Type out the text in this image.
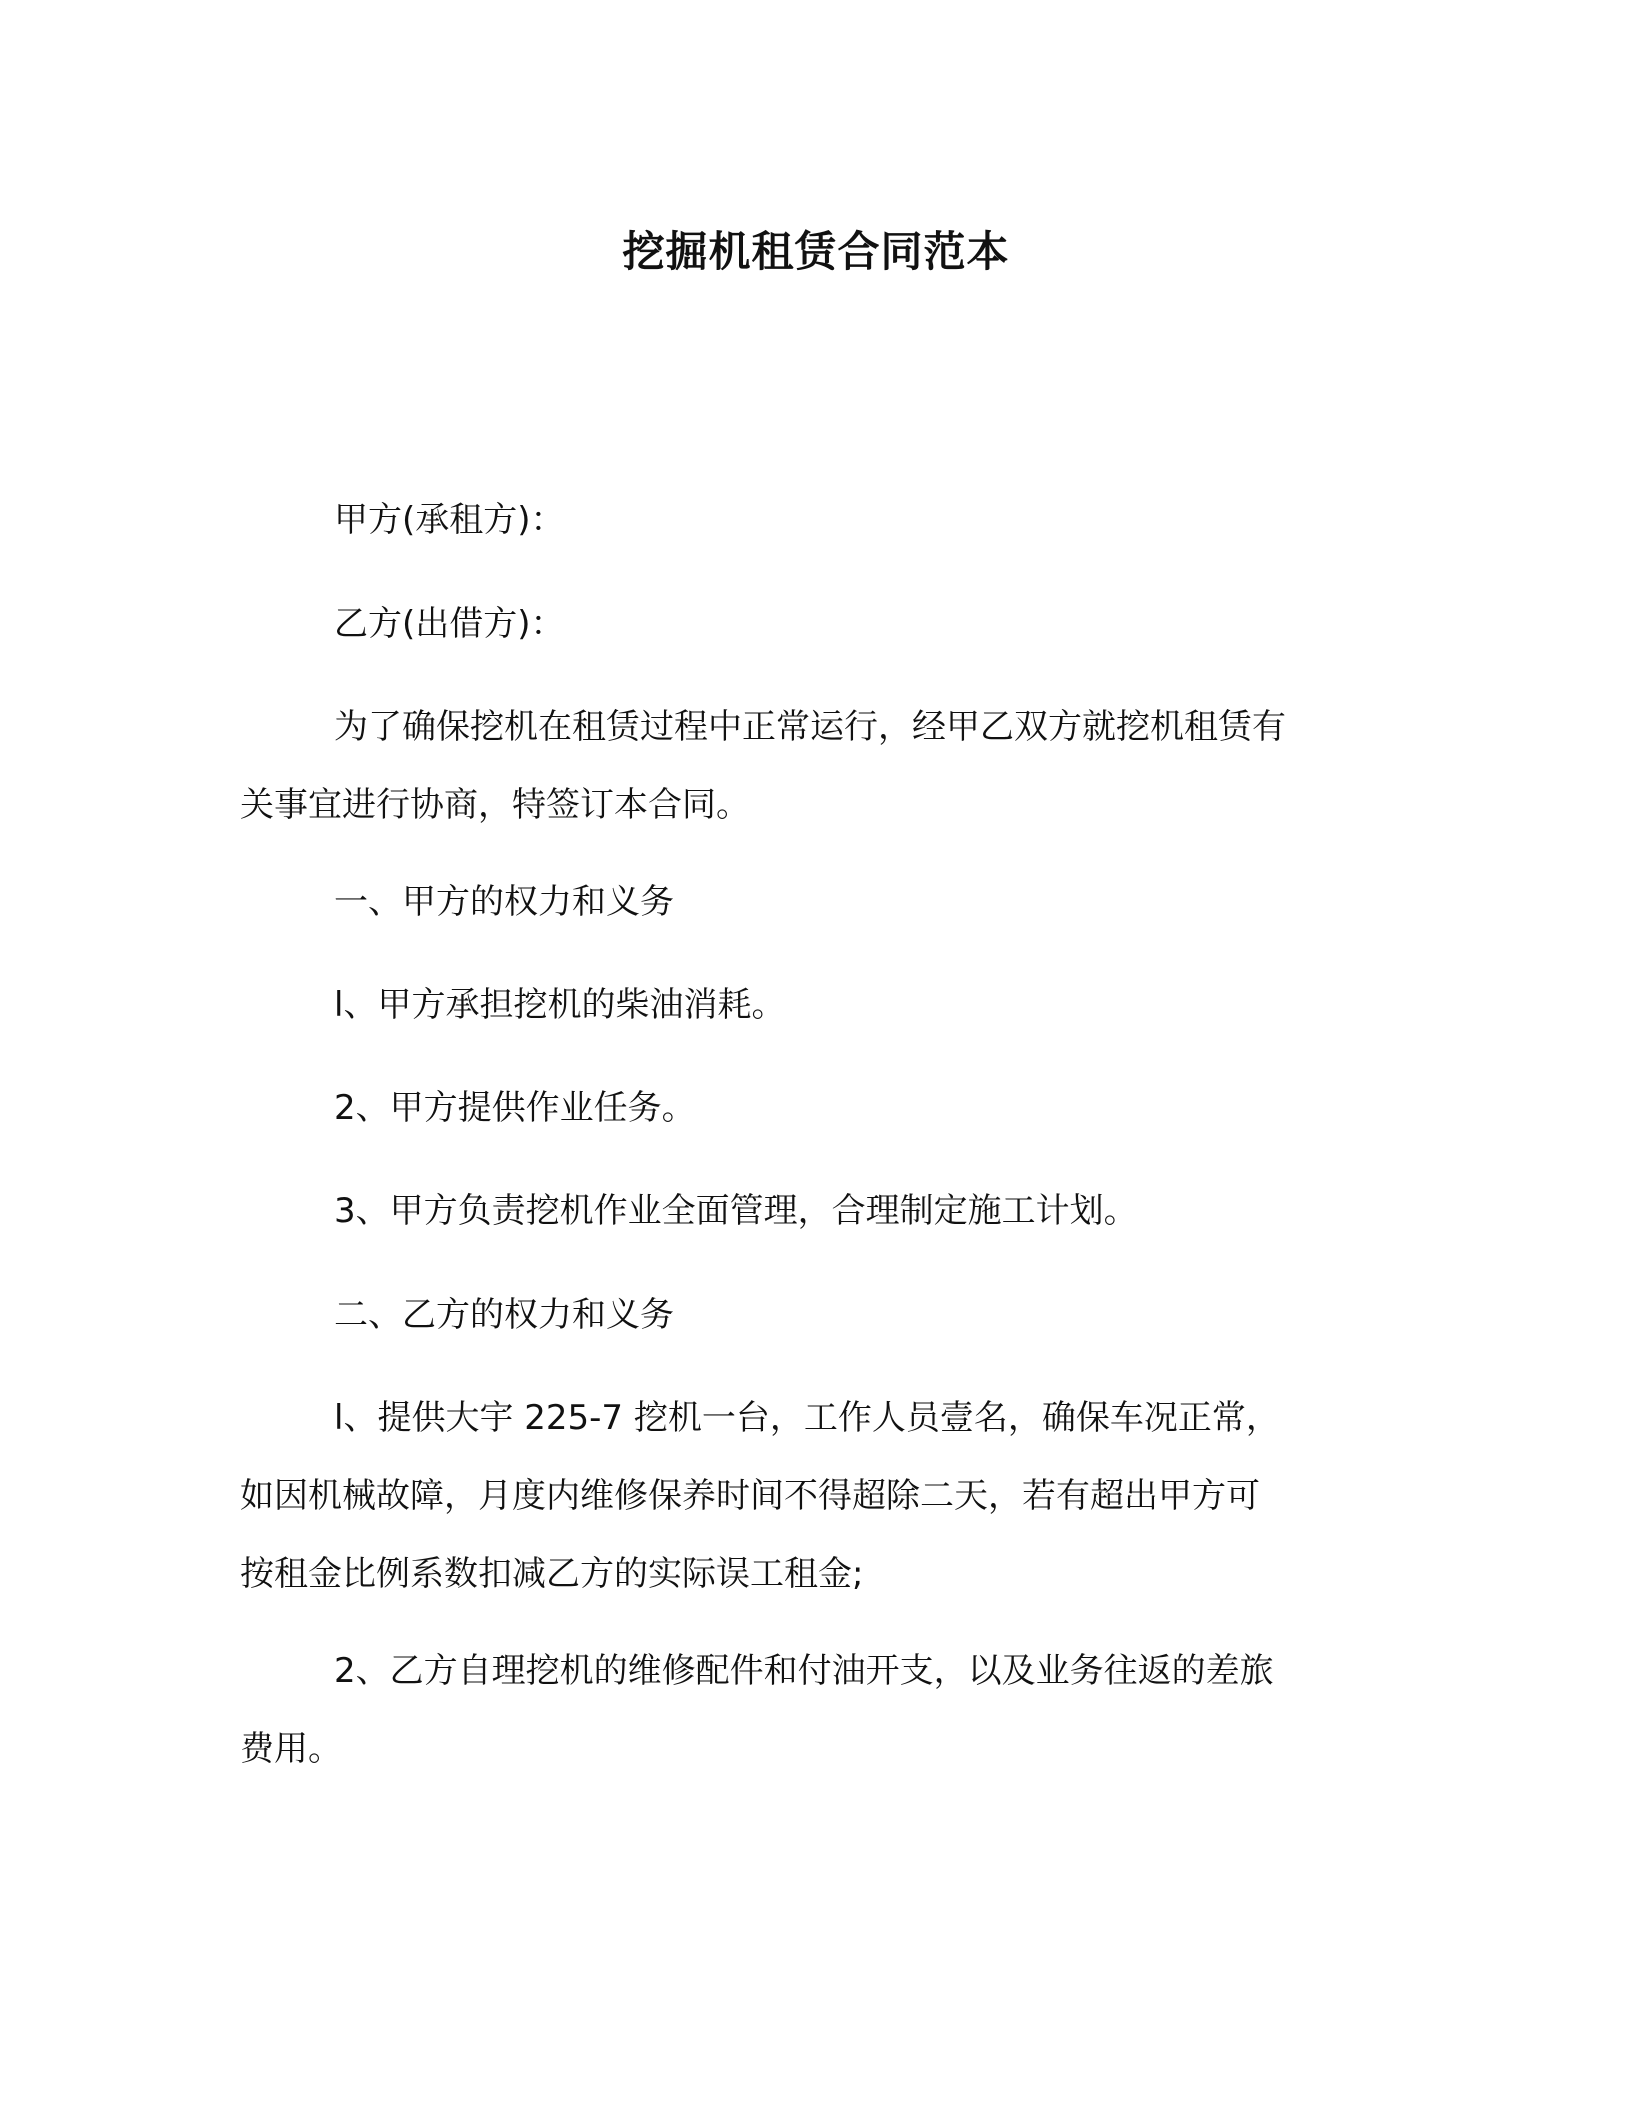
挖掘机租赁合同范本

甲方(承租方)：

乙方(出借方)：

为了确保挖机在租赁过程中正常运行，经甲乙双方就挖机租赁有
关事宜进行协商，特签订本合同。

一、甲方的权力和义务

l、甲方承担挖机的柴油消耗。

2、甲方提供作业任务。

3、甲方负责挖机作业全面管理，合理制定施工计划。

二、乙方的权力和义务

l、提供大宇 225-7 挖机一台，工作人员壹名，确保车况正常，
如因机械故障，月度内维修保养时间不得超除二天，若有超出甲方可
按租金比例系数扣减乙方的实际误工租金;

2、乙方自理挖机的维修配件和付油开支，以及业务往返的差旅
费用。
